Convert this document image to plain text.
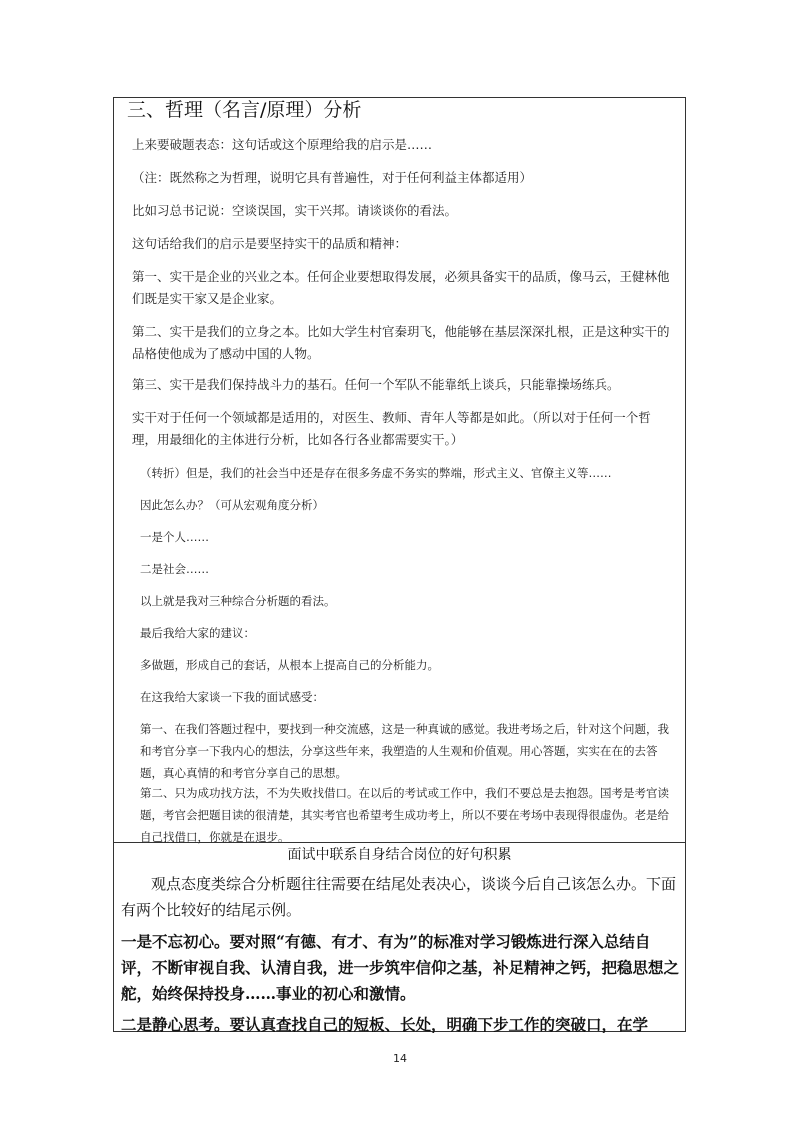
三、哲理（名言/原理）分析
上来要破题表态：这句话或这个原理给我的启示是……
（注：既然称之为哲理，说明它具有普遍性，对于任何利益主体都适用）
比如习总书记说：空谈误国，实干兴邦。请谈谈你的看法。
这句话给我们的启示是要坚持实干的品质和精神：
第一、实干是企业的兴业之本。任何企业要想取得发展，必须具备实干的品质，像马云，王健林他们既是实干家又是企业家。
第二、实干是我们的立身之本。比如大学生村官秦玥飞，他能够在基层深深扎根，正是这种实干的品格使他成为了感动中国的人物。
第三、实干是我们保持战斗力的基石。任何一个军队不能靠纸上谈兵，只能靠操场练兵。
实干对于任何一个领域都是适用的，对医生、教师、青年人等都是如此。（所以对于任何一个哲理，用最细化的主体进行分析，比如各行各业都需要实干。）
（转折）但是，我们的社会当中还是存在很多务虚不务实的弊端，形式主义、官僚主义等……
因此怎么办？（可从宏观角度分析）
一是个人……
二是社会……
以上就是我对三种综合分析题的看法。
最后我给大家的建议：
多做题，形成自己的套话，从根本上提高自己的分析能力。
在这我给大家谈一下我的面试感受：
第一、在我们答题过程中，要找到一种交流感，这是一种真诚的感觉。我进考场之后，针对这个问题，我和考官分享一下我内心的想法，分享这些年来，我塑造的人生观和价值观。用心答题，实实在在的去答题，真心真情的和考官分享自己的思想。
第二、只为成功找方法，不为失败找借口。在以后的考试或工作中，我们不要总是去抱怨。国考是考官读题，考官会把题目读的很清楚，其实考官也希望考生成功考上，所以不要在考场中表现得很虚伪。老是给自己找借口，你就是在退步。
面试中联系自身结合岗位的好句积累
观点态度类综合分析题往往需要在结尾处表决心，谈谈今后自己该怎么办。下面有两个比较好的结尾示例。
一是不忘初心。要对照“有德、有才、有为”的标准对学习锻炼进行深入总结自评，不断审视自我、认清自我，进一步筑牢信仰之基，补足精神之钙，把稳思想之舵，始终保持投身……事业的初心和激情。
二是静心思考。要认真查找自己的短板、长处，明确下步工作的突破口，在学
14
